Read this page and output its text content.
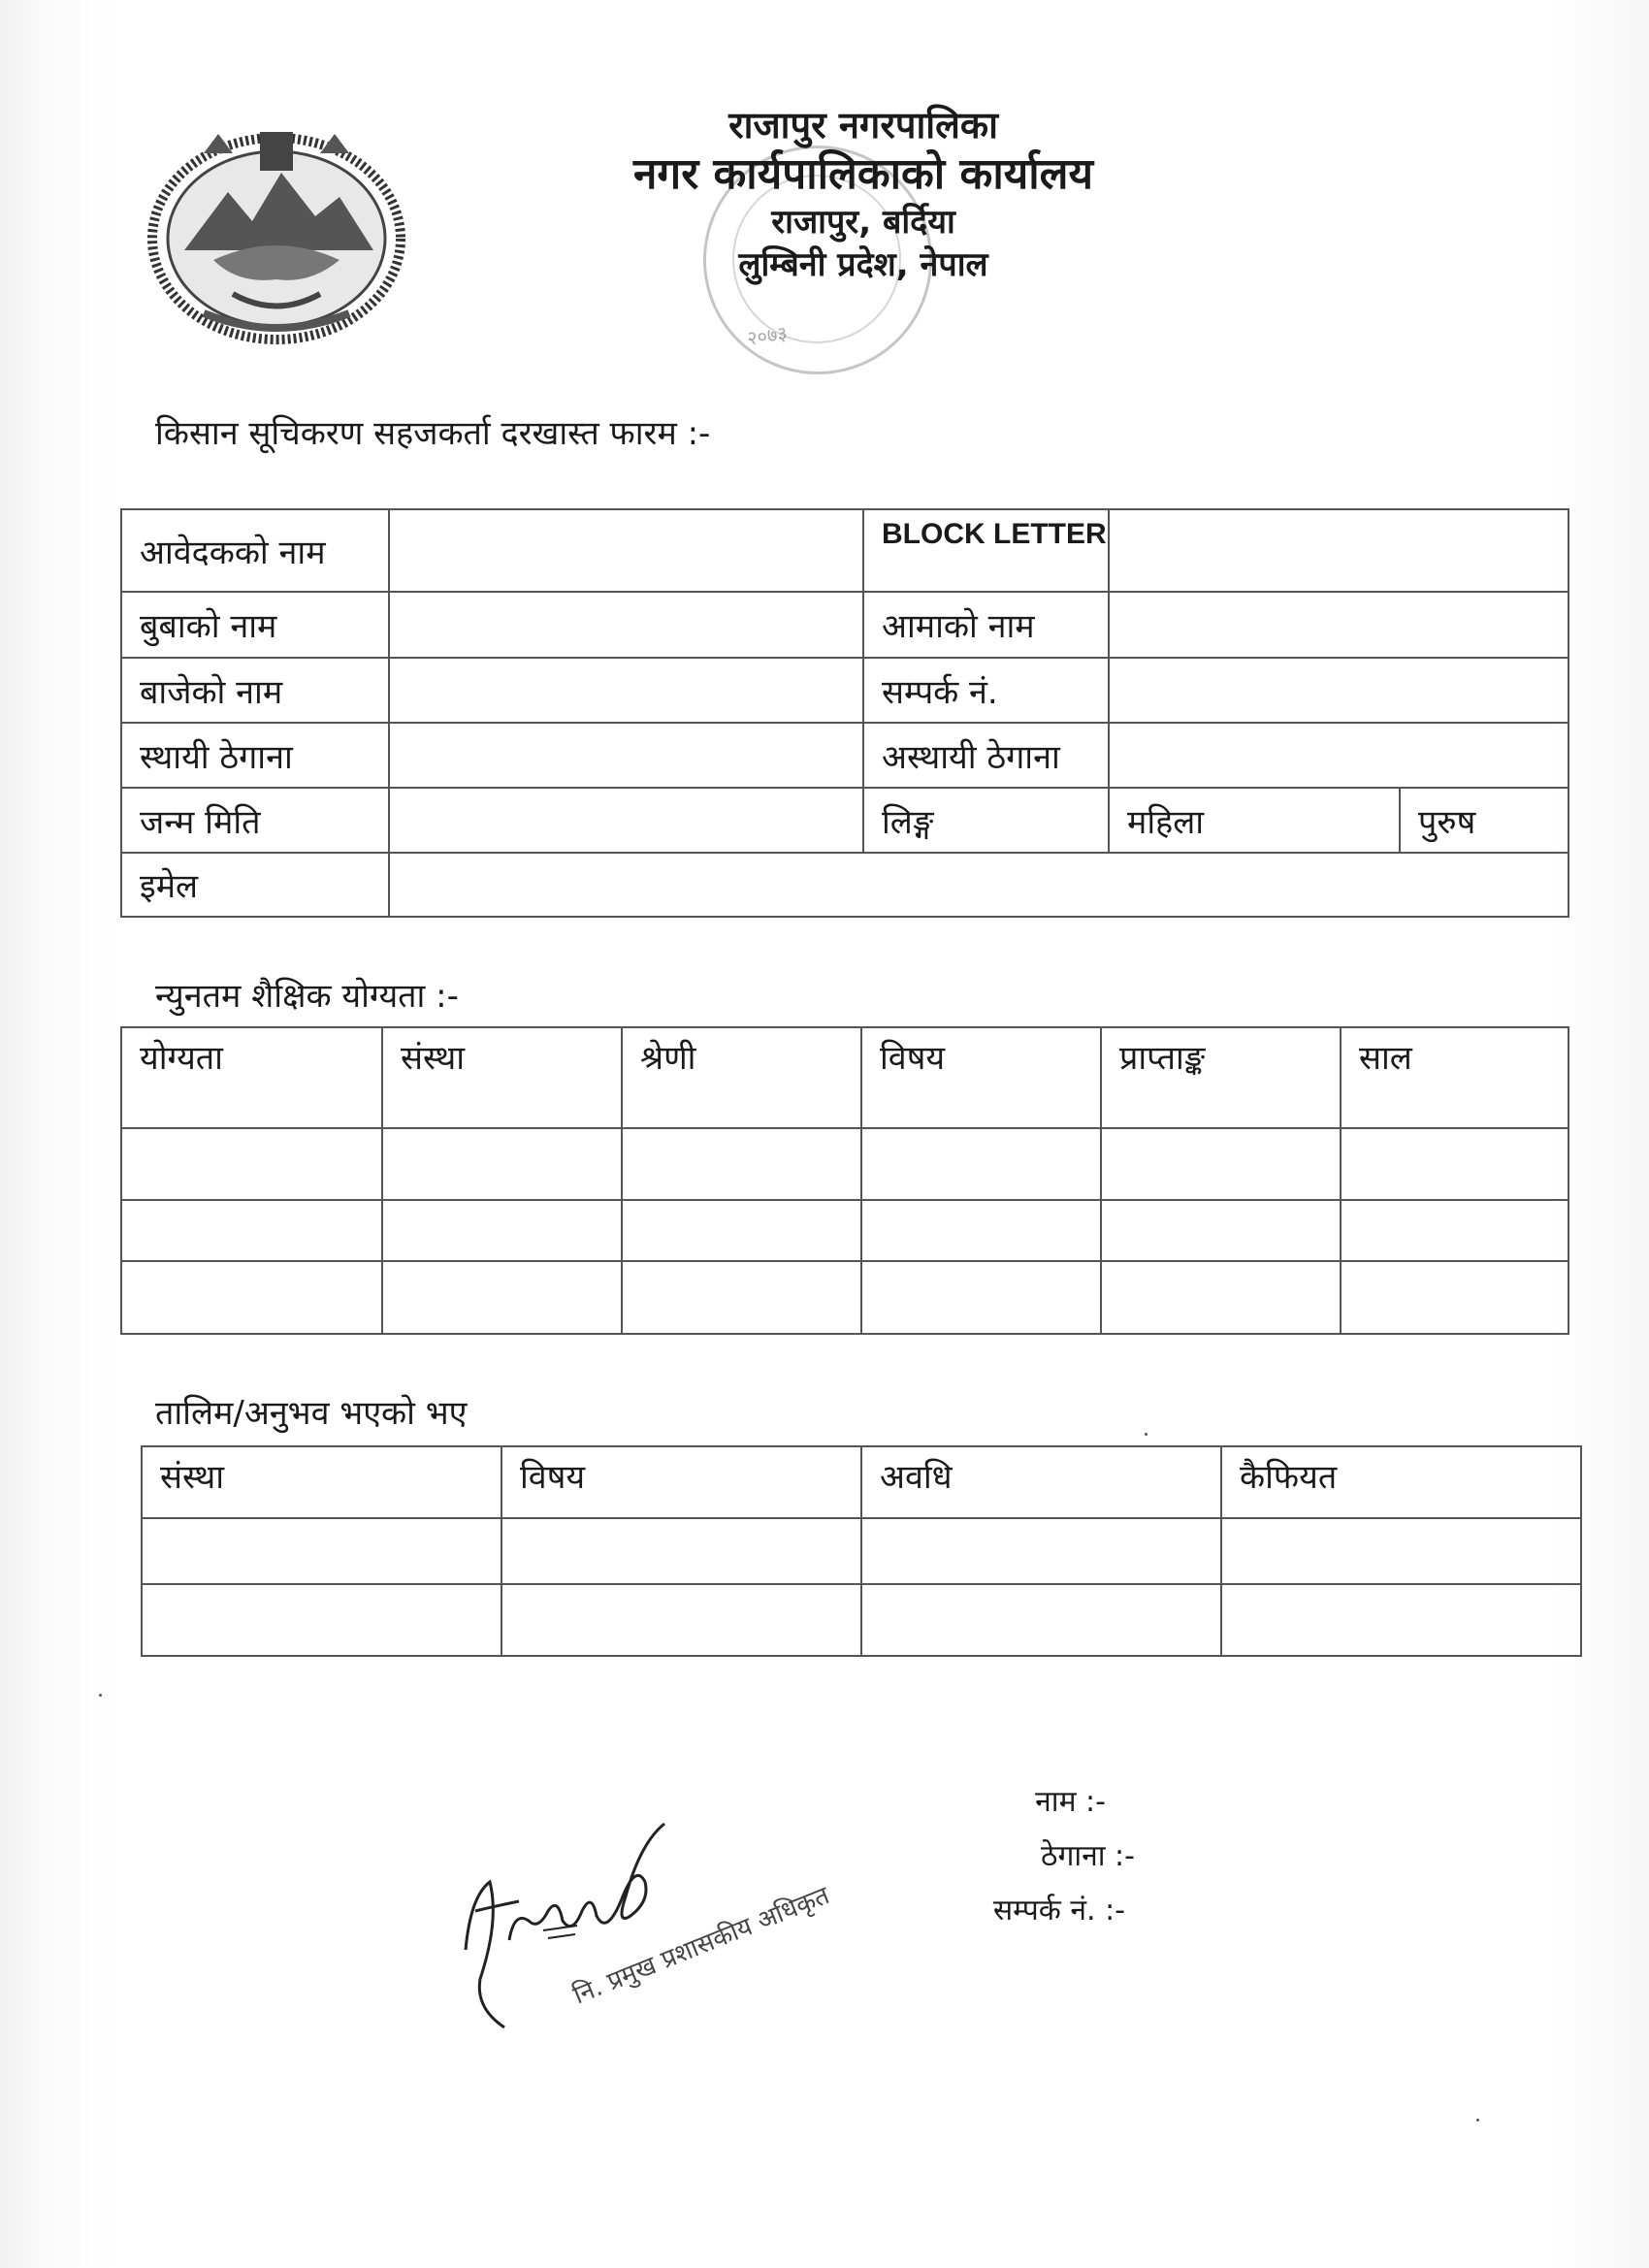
२०७३
राजापुर नगरपालिका
नगर कार्यपालिकाको कार्यालय
राजापुर, बर्दिया
लुम्बिनी प्रदेश, नेपाल
किसान सूचिकरण सहजकर्ता दरखास्त फारम :-
आवेदकको नाम		BLOCK LETTER		
बुबाको नाम		आमाको नाम		
बाजेको नाम		सम्पर्क नं.		
स्थायी ठेगाना		अस्थायी ठेगाना		
जन्म मिति		लिङ्ग	महिला	पुरुष
इमेल				
न्युनतम शैक्षिक योग्यता :-
योग्यता	संस्था	श्रेणी	विषय	प्राप्ताङ्क	साल

तालिम/अनुभव भएको भए
संस्था	विषय	अवधि	कैफियत

नाम :-
ठेगाना :-
सम्पर्क नं. :-
नि. प्रमुख प्रशासकीय अधिकृत
